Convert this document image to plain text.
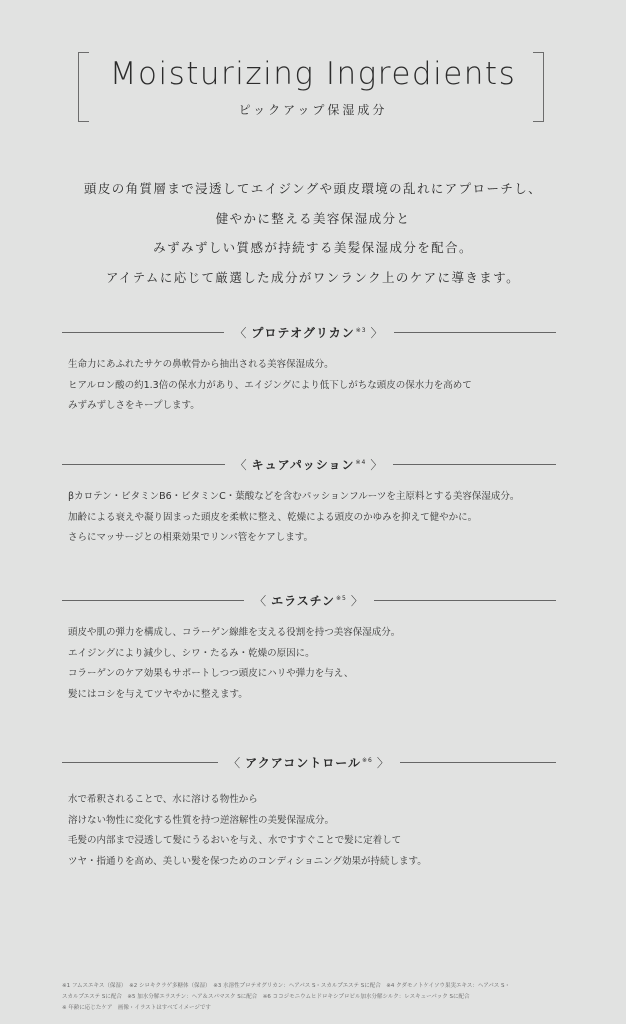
Moisturizing Ingredients
ピックアップ保湿成分
頭皮の角質層まで浸透してエイジングや頭皮環境の乱れにアプローチし、
健やかに整える美容保湿成分と
みずみずしい質感が持続する美髪保湿成分を配合。
アイテムに応じて厳選した成分がワンランク上のケアに導きます。
〈 プロテオグリカン$^{※3}$ 〉
生命力にあふれたサケの鼻軟骨から抽出される美容保湿成分。
ヒアルロン酸の約1.3倍の保水力があり、エイジングにより低下しがちな頭皮の保水力を高めて
みずみずしさをキープします。
〈 キュアパッション$^{※4}$ 〉
βカロテン・ビタミンB6・ビタミンC・葉酸などを含むパッションフルーツを主原料とする美容保湿成分。
加齢による衰えや凝り固まった頭皮を柔軟に整え、乾燥による頭皮のかゆみを抑えて健やかに。
さらにマッサージとの相乗効果でリンパ管をケアします。
〈 エラスチン$^{※5}$ 〉
頭皮や肌の弾力を構成し、コラーゲン線維を支える役割を持つ美容保湿成分。
エイジングにより減少し、シワ・たるみ・乾燥の原因に。
コラーゲンのケア効果もサポートしつつ頭皮にハリや弾力を与え、
髪にはコシを与えてツヤやかに整えます。
〈 アクアコントロール$^{※6}$ 〉
水で希釈されることで、水に溶ける物性から
溶けない物性に変化する性質を持つ逆溶解性の美髪保湿成分。
毛髪の内部まで浸透して髪にうるおいを与え、水ですすぐことで髪に定着して
ツヤ・指通りを高め、美しい髪を保つためのコンディショニング効果が持続します。
※1 フムスエキス（保湿）　※2 シロキクラゲ多糖体（保湿）　※3 水溶性プロテオグリカン：ヘアパス S・スカルプエステ Sに配合　※4 クダモノトケイソウ果実エキス：ヘアパス S・
スカルプエステ Sに配合　※5 加水分解エラスチン：ヘア＆スパマスク Sに配合　※6 ココジモニウムヒドロキシプロピル加水分解シルク：レスキューパック Sに配合
※ 年齢に応じたケア　画像・イラストはすべてイメージです
